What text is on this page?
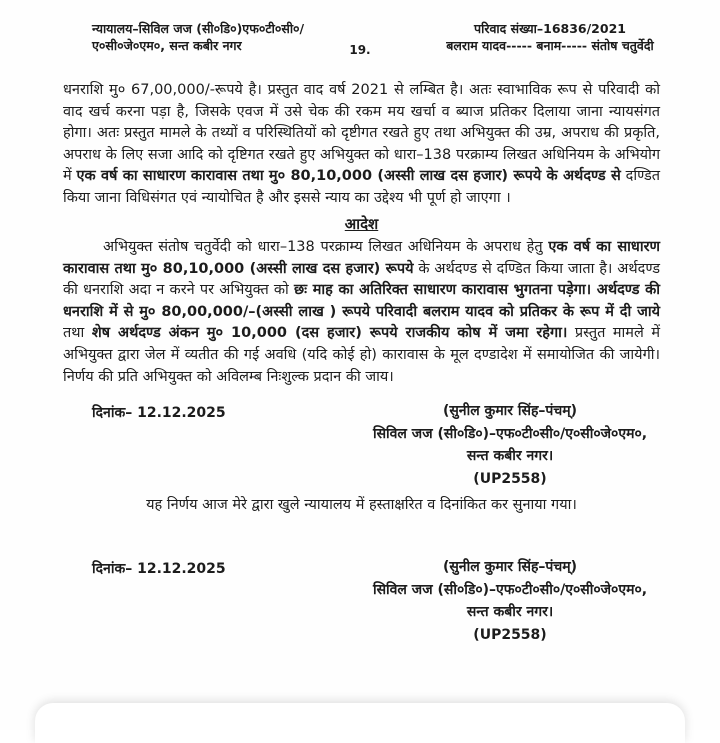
न्यायालय–सिविल जज (सी०डि०)एफ०टी०सी०/
ए०सी०जे०एम०, सन्त कबीर नगर
परिवाद संख्या–16836/2021
बलराम यादव----- बनाम----- संतोष चतुर्वेदी
19.
धनराशि मु० 67,00,000/-रूपये है। प्रस्तुत वाद वर्ष 2021 से लम्बित है। अतः स्वाभाविक रूप से परिवादी को वाद खर्च करना पड़ा है, जिसके एवज में उसे चेक की रकम मय खर्चा व ब्याज प्रतिकर दिलाया जाना न्यायसंगत होगा। अतः प्रस्तुत मामले के तथ्यों व परिस्थितियों को दृष्टीगत रखते हुए तथा अभियुक्त की उम्र, अपराध की प्रकृति, अपराध के लिए सजा आदि को दृष्टिगत रखते हुए अभियुक्त को धारा–138 परक्राम्य लिखत अधिनियम के अभियोग में एक वर्ष का साधारण कारावास तथा मु० 80,10,000 (अस्सी लाख दस हजार) रूपये के अर्थदण्ड से दण्डित किया जाना विधिसंगत एवं न्यायोचित है और इससे न्याय का उद्देश्य भी पूर्ण हो जाएगा ।
आदेश
अभियुक्त संतोष चतुर्वेदी को धारा–138 परक्राम्य लिखत अधिनियम के अपराध हेतु एक वर्ष का साधारण कारावास तथा मु० 80,10,000 (अस्सी लाख दस हजार) रूपये के अर्थदण्ड से दण्डित किया जाता है। अर्थदण्ड की धनराशि अदा न करने पर अभियुक्त को छः माह का अतिरिक्त साधारण कारावास भुगतना पड़ेगा। अर्थदण्ड की धनराशि में से मु० 80,00,000/–(अस्सी लाख ) रूपये परिवादी बलराम यादव को प्रतिकर के रूप में दी जाये तथा शेष अर्थदण्ड अंकन मु० 10,000 (दस हजार) रूपये राजकीय कोष में जमा रहेगा। प्रस्तुत मामले में अभियुक्त द्वारा जेल में व्यतीत की गई अवधि (यदि कोई हो) कारावास के मूल दण्डादेश में समायोजित की जायेगी। निर्णय की प्रति अभियुक्त को अविलम्ब निःशुल्क प्रदान की जाय।
दिनांक– 12.12.2025	(सुनील कुमार सिंह–पंचम्)
सिविल जज (सी०डि०)–एफ०टी०सी०/ए०सी०जे०एम०,
सन्त कबीर नगर।
(UP2558)
यह निर्णय आज मेरे द्वारा खुले न्यायालय में हस्ताक्षरित व दिनांकित कर सुनाया गया।
दिनांक– 12.12.2025	(सुनील कुमार सिंह–पंचम्)
सिविल जज (सी०डि०)–एफ०टी०सी०/ए०सी०जे०एम०,
सन्त कबीर नगर।
(UP2558)
